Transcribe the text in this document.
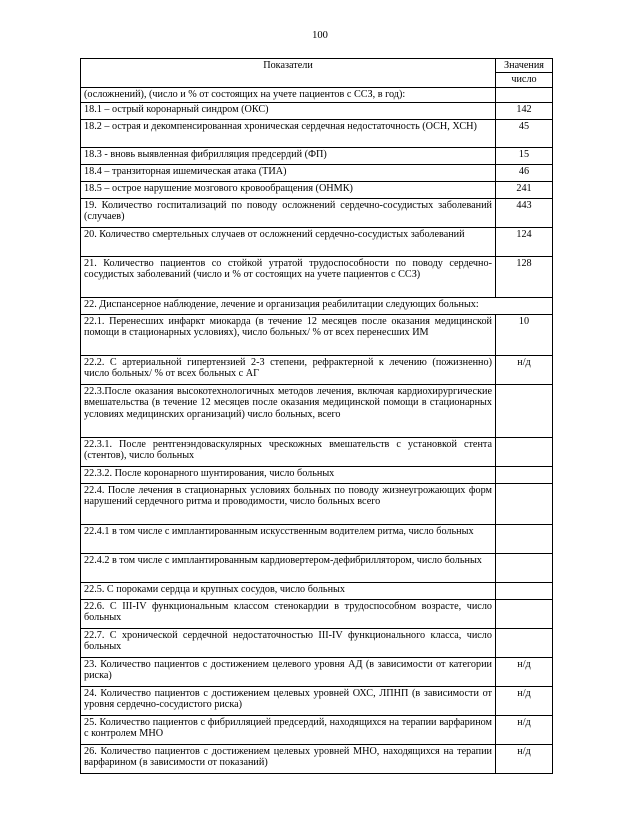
100
Показатели	Значения
	число
(осложнений), (число и % от состоящих на учете пациентов с ССЗ, в год):	
18.1 – острый коронарный синдром (ОКС)	142
18.2 – острая и декомпенсированная хроническая сердечная недостаточность (ОСН, ХСН)	45
18.3 - вновь выявленная фибрилляция предсердий (ФП)	15
18.4 – транзиторная ишемическая атака (ТИА)	46
18.5 – острое нарушение мозгового кровообращения (ОНМК)	241
19. Количество госпитализаций по поводу осложнений сердечно-сосудистых заболеваний (случаев)	443
20. Количество смертельных случаев от осложнений сердечно-сосудистых заболеваний	124
21. Количество пациентов со стойкой утратой трудоспособности по поводу сердечно-сосудистых заболеваний (число и % от состоящих на учете пациентов с ССЗ)	128
22. Диспансерное наблюдение, лечение и организация реабилитации следующих больных:	
22.1. Перенесших инфаркт миокарда (в течение 12 месяцев после оказания медицинской помощи в стационарных условиях), число больных/ % от всех перенесших ИМ	10
22.2. С артериальной гипертензией 2-3 степени, рефрактерной к лечению (пожизненно) число больных/ % от всех больных с АГ	н/д
22.3.После оказания высокотехнологичных методов лечения, включая кардиохирургические вмешательства (в течение 12 месяцев после оказания медицинской помощи в стационарных условиях медицинских организаций) число больных, всего	
22.3.1. После рентгенэндоваскулярных чрескожных вмешательств с установкой стента (стентов), число больных	
22.3.2. После коронарного шунтирования, число больных	
22.4. После лечения в стационарных условиях больных по поводу жизнеугрожающих форм нарушений сердечного ритма и проводимости, число больных всего	
22.4.1 в том числе с имплантированным искусственным водителем ритма, число больных	
22.4.2 в том числе с имплантированным кардиовертером-дефибриллятором, число больных	
22.5. С пороками сердца и крупных сосудов, число больных	
22.6. С III-IV функциональным классом стенокардии в трудоспособном возрасте, число больных	
22.7. С хронической сердечной недостаточностью III-IV функционального класса, число больных	
23. Количество пациентов с достижением целевого уровня АД (в зависимости от категории риска)	н/д
24. Количество пациентов с достижением целевых уровней ОХС, ЛПНП (в зависимости от уровня сердечно-сосудистого риска)	н/д
25. Количество пациентов с фибрилляцией предсердий, находящихся на терапии варфарином с контролем МНО	н/д
26. Количество пациентов с достижением целевых уровней МНО, находящихся на терапии варфарином (в зависимости от показаний)	н/д
